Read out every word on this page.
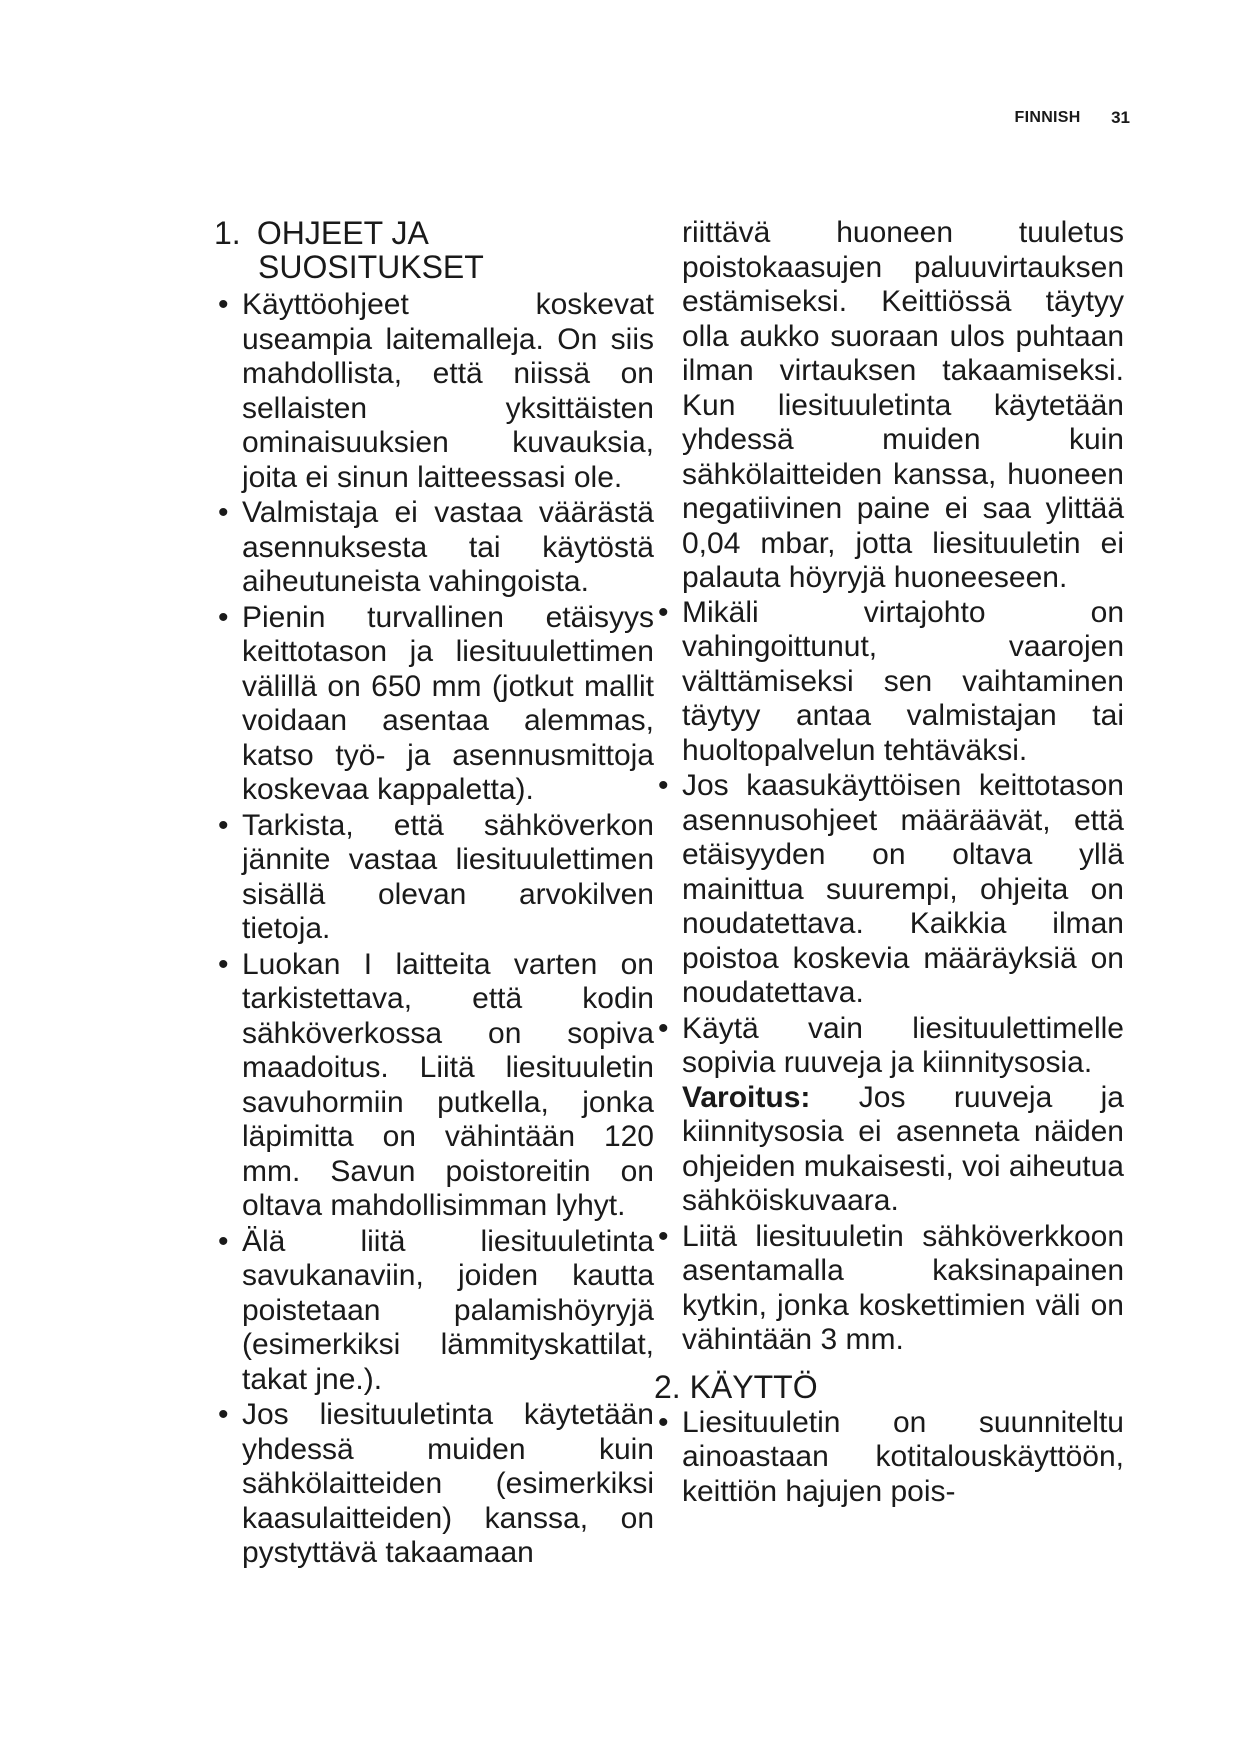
FINNISH 31
1. OHJEET JA
SUOSITUKSET
• Käyttöohjeet koskevat useampia laitemalleja. On siis mahdollista, että niissä on sellaisten yksittäisten ominaisuuksien kuvauksia, joita ei sinun laitteessasi ole.
• Valmistaja ei vastaa väärästä asennuksesta tai käytöstä aiheutuneista vahingoista.
• Pienin turvallinen etäisyys keittotason ja liesituulettimen välillä on 650 mm (jotkut mallit voidaan asentaa alemmas, katso työ- ja asennusmittoja koskevaa kappaletta).
• Tarkista, että sähköverkon jännite vastaa liesituulettimen sisällä olevan arvokilven tietoja.
• Luokan I laitteita varten on tarkistettava, että kodin sähköverkossa on sopiva maadoitus. Liitä liesituuletin savuhormiin putkella, jonka läpimitta on vähintään 120 mm. Savun poistoreitin on oltava mahdollisimman lyhyt.
• Älä liitä liesituuletinta savukanaviin, joiden kautta poistetaan palamishöyryjä (esimerkiksi lämmityskattilat, takat jne.).
• Jos liesituuletinta käytetään yhdessä muiden kuin sähkölaitteiden (esimerkiksi kaasulaitteiden) kanssa, on pystyttävä takaamaan
riittävä huoneen tuuletus poistokaasujen paluuvirtauksen estämiseksi. Keittiössä täytyy olla aukko suoraan ulos puhtaan ilman virtauksen takaamiseksi. Kun liesituuletinta käytetään yhdessä muiden kuin sähkölaitteiden kanssa, huoneen negatiivinen paine ei saa ylittää 0,04 mbar, jotta liesituuletin ei palauta höyryjä huoneeseen.
• Mikäli virtajohto on vahingoittunut, vaarojen välttämiseksi sen vaihtaminen täytyy antaa valmistajan tai huoltopalvelun tehtäväksi.
• Jos kaasukäyttöisen keittotason asennusohjeet määräävät, että etäisyyden on oltava yllä mainittua suurempi, ohjeita on noudatettava. Kaikkia ilman poistoa koskevia määräyksiä on noudatettava.
• Käytä vain liesituulettimelle sopivia ruuveja ja kiinnitysosia.
Varoitus: Jos ruuveja ja kiinnitysosia ei asenneta näiden ohjeiden mukaisesti, voi aiheutua sähköiskuvaara.
• Liitä liesituuletin sähköverkkoon asentamalla kaksinapainen kytkin, jonka koskettimien väli on vähintään 3 mm.
2. KÄYTTÖ
• Liesituuletin on suunniteltu ainoastaan kotitalouskäyttöön, keittiön hajujen pois-
